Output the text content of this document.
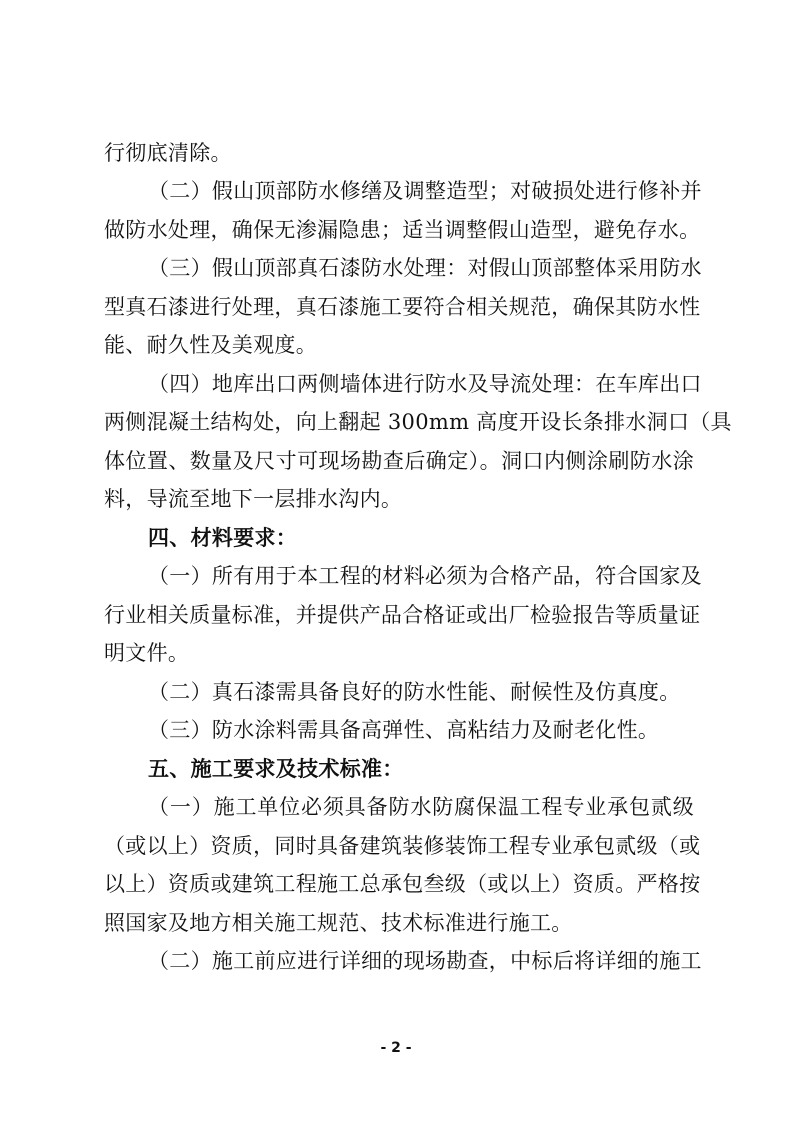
行彻底清除。
（二）假山顶部防水修缮及调整造型；对破损处进行修补并
做防水处理，确保无渗漏隐患；适当调整假山造型，避免存水。
（三）假山顶部真石漆防水处理：对假山顶部整体采用防水
型真石漆进行处理，真石漆施工要符合相关规范，确保其防水性
能、耐久性及美观度。
（四）地库出口两侧墙体进行防水及导流处理：在车库出口
两侧混凝土结构处，向上翻起 300mm 高度开设长条排水洞口（具
体位置、数量及尺寸可现场勘查后确定）。洞口内侧涂刷防水涂
料，导流至地下一层排水沟内。
四、材料要求：
（一）所有用于本工程的材料必须为合格产品，符合国家及
行业相关质量标准，并提供产品合格证或出厂检验报告等质量证
明文件。
（二）真石漆需具备良好的防水性能、耐候性及仿真度。
（三）防水涂料需具备高弹性、高粘结力及耐老化性。
五、施工要求及技术标准：
（一）施工单位必须具备防水防腐保温工程专业承包贰级
（或以上）资质，同时具备建筑装修装饰工程专业承包贰级（或
以上）资质或建筑工程施工总承包叁级（或以上）资质。严格按
照国家及地方相关施工规范、技术标准进行施工。
（二）施工前应进行详细的现场勘查，中标后将详细的施工
- 2 -
